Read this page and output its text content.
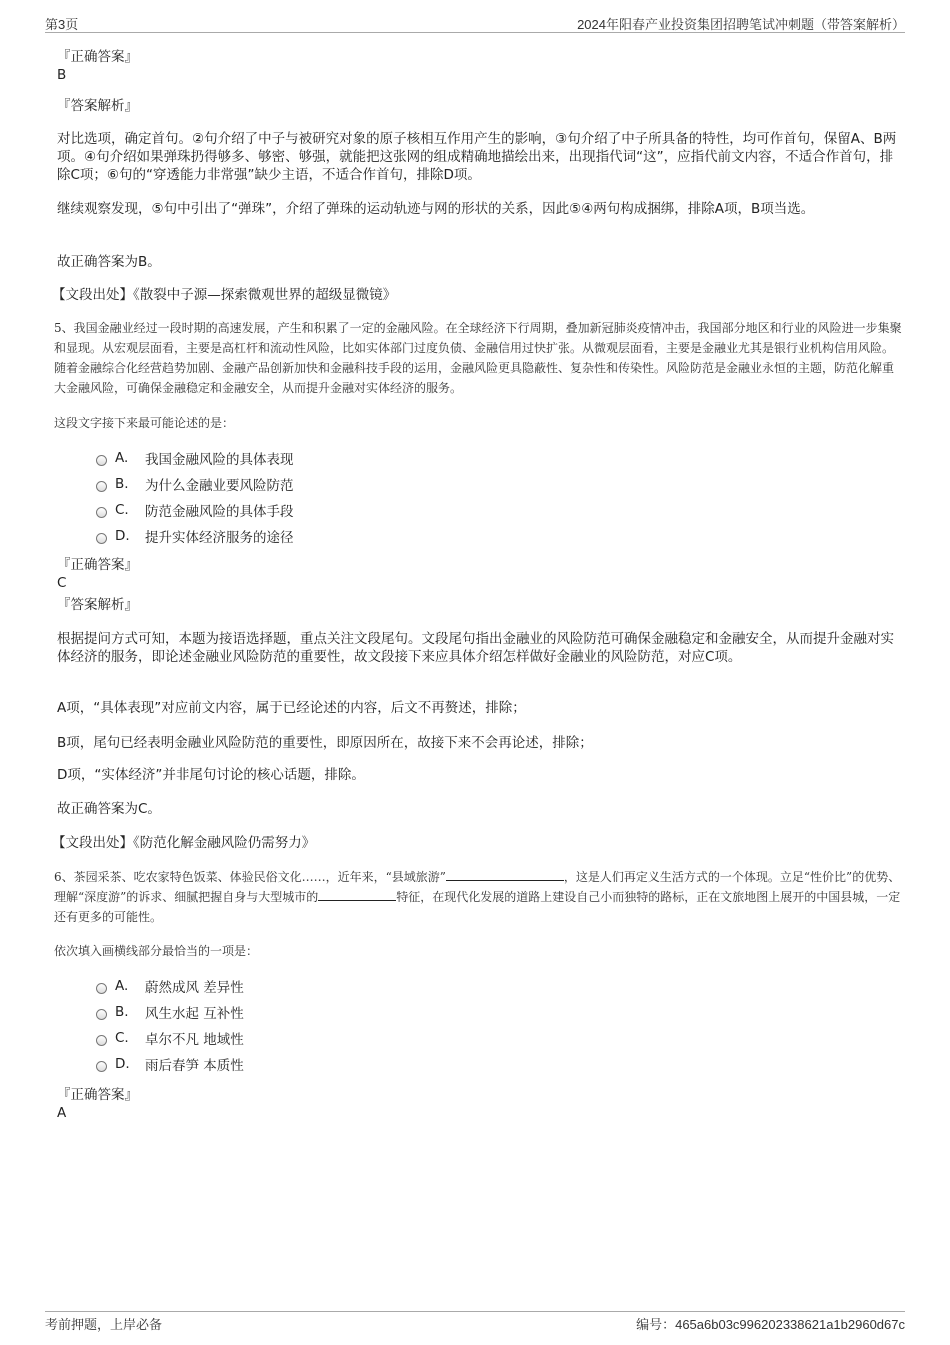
第3页	2024年阳春产业投资集团招聘笔试冲刺题（带答案解析）
『正确答案』
B
『答案解析』
对比选项，确定首句。②句介绍了中子与被研究对象的原子核相互作用产生的影响，③句介绍了中子所具备的特性，均可作首句，保留A、B两项。④句介绍如果弹珠扔得够多、够密、够强，就能把这张网的组成精确地描绘出来，出现指代词“这”，应指代前文内容，不适合作首句，排除C项；⑥句的“穿透能力非常强”缺少主语，不适合作首句，排除D项。
继续观察发现，⑤句中引出了“弹珠”，介绍了弹珠的运动轨迹与网的形状的关系，因此⑤④两句构成捆绑，排除A项，B项当选。
故正确答案为B。
【文段出处】《散裂中子源—探索微观世界的超级显微镜》
5、我国金融业经过一段时期的高速发展，产生和积累了一定的金融风险。在全球经济下行周期，叠加新冠肺炎疫情冲击，我国部分地区和行业的风险进一步集聚和显现。从宏观层面看，主要是高杠杆和流动性风险，比如实体部门过度负债、金融信用过快扩张。从微观层面看，主要是金融业尤其是银行业机构信用风险。随着金融综合化经营趋势加剧、金融产品创新加快和金融科技手段的运用，金融风险更具隐蔽性、复杂性和传染性。风险防范是金融业永恒的主题，防范化解重大金融风险，可确保金融稳定和金融安全，从而提升金融对实体经济的服务。
这段文字接下来最可能论述的是：
A.	我国金融风险的具体表现
B.	为什么金融业要风险防范
C.	防范金融风险的具体手段
D.	提升实体经济服务的途径
『正确答案』
C
『答案解析』
根据提问方式可知，本题为接语选择题，重点关注文段尾句。文段尾句指出金融业的风险防范可确保金融稳定和金融安全，从而提升金融对实体经济的服务，即论述金融业风险防范的重要性，故文段接下来应具体介绍怎样做好金融业的风险防范，对应C项。
A项，“具体表现”对应前文内容，属于已经论述的内容，后文不再赘述，排除；
B项，尾句已经表明金融业风险防范的重要性，即原因所在，故接下来不会再论述，排除；
D项，“实体经济”并非尾句讨论的核心话题，排除。
故正确答案为C。
【文段出处】《防范化解金融风险仍需努力》
6、茶园采茶、吃农家特色饭菜、体验民俗文化……，近年来，“县域旅游”	，这是人们再定义生活方式的一个体现。立足“性价比”的优势、理解“深度游”的诉求、细腻把握自身与大型城市的	特征，在现代化发展的道路上建设自己小而独特的路标，正在文旅地图上展开的中国县城，一定还有更多的可能性。
依次填入画横线部分最恰当的一项是：
A.	蔚然成风 差异性
B.	风生水起 互补性
C.	卓尔不凡 地域性
D.	雨后春笋 本质性
『正确答案』
A
考前押题，上岸必备	编号：465a6b03c996202338621a1b2960d67c
